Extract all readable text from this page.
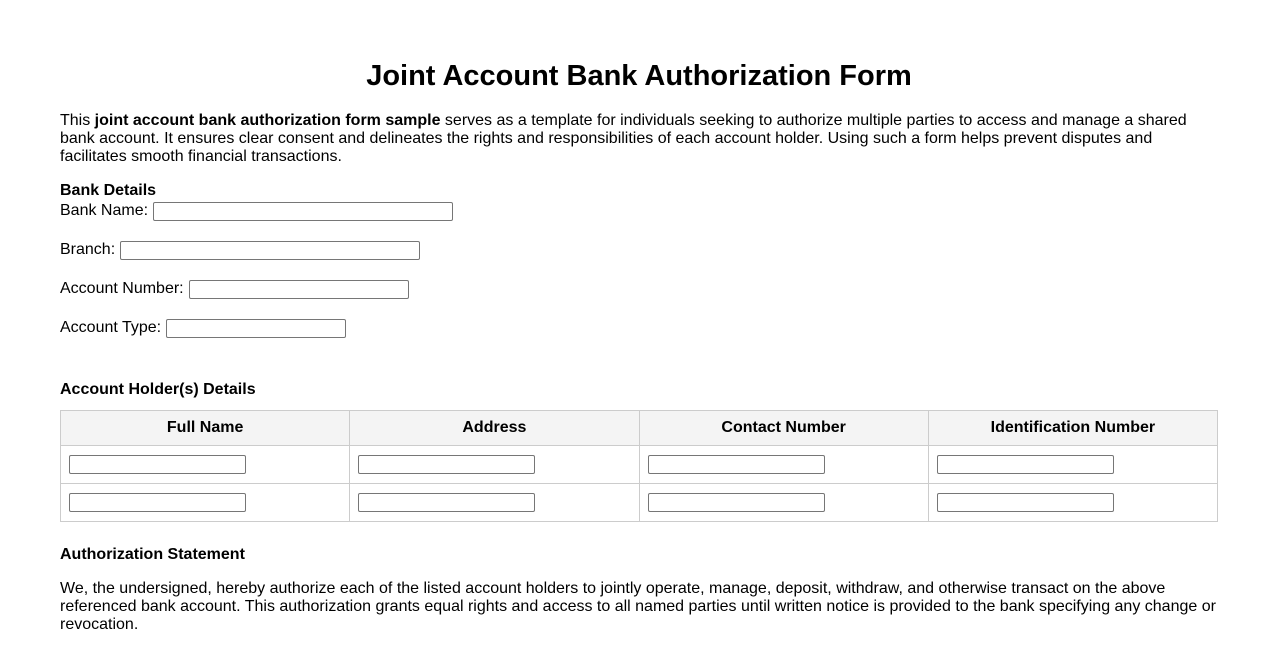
Joint Account Bank Authorization Form

This joint account bank authorization form sample serves as a template for individuals seeking to authorize multiple parties to access and manage a shared bank account. It ensures clear consent and delineates the rights and responsibilities of each account holder. Using such a form helps prevent disputes and facilitates smooth financial transactions.

Bank Details
Bank Name:
Branch:
Account Number:
Account Type:
Account Holder(s) Details
Full Name	Address	Contact Number	Identification Number

Authorization Statement

We, the undersigned, hereby authorize each of the listed account holders to jointly operate, manage, deposit, withdraw, and otherwise transact on the above referenced bank account. This authorization grants equal rights and access to all named parties until written notice is provided to the bank specifying any change or revocation.
